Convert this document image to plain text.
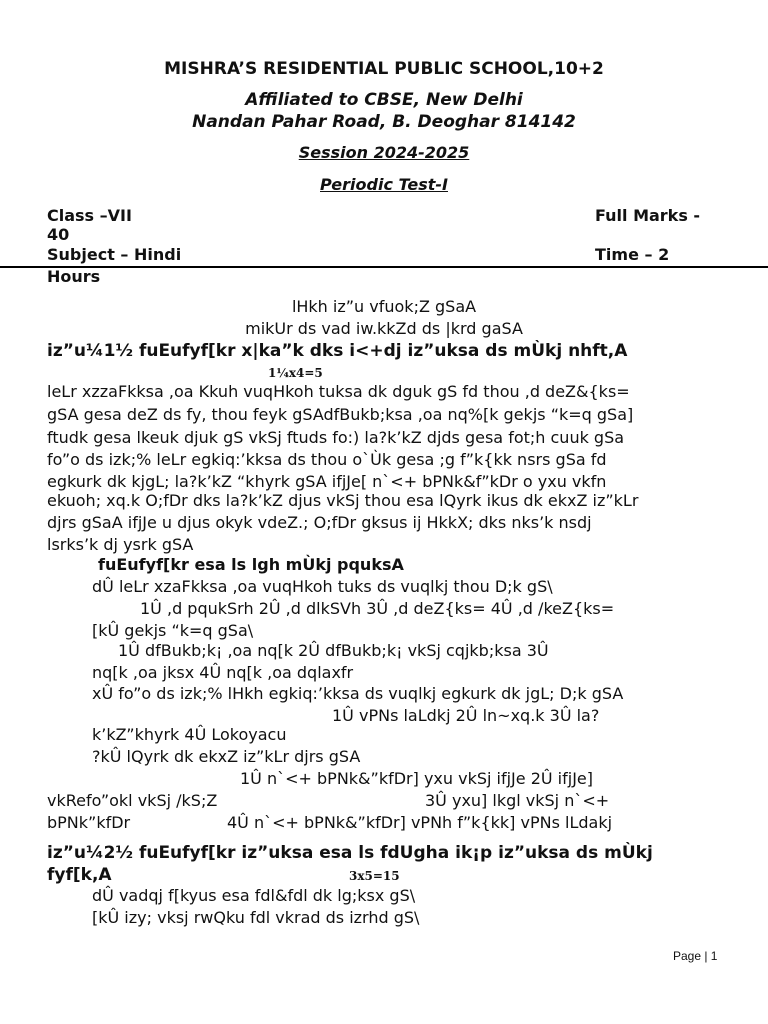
MISHRA’S RESIDENTIAL PUBLIC SCHOOL,10+2
Affiliated to CBSE, New Delhi
Nandan Pahar Road, B. Deoghar 814142
Session 2024-2025
Periodic Test-I
Class –VII	Full Marks -
40
Subject – Hindi	Time – 2
Hours
lHkh iz”u vfuok;Z gSaA
mikUr ds vad iw.kkZd ds |krd gaSA
iz”u¼1½ fuEufyf[kr x|ka”k dks i<+dj iz”uksa ds mÙkj nhft,A
1¼x4=5
leLr xzzaFkksa ,oa Kkuh vuqHkoh tuksa dk dguk gS fd thou ,d deZ&{ks=
gSA gesa deZ ds fy, thou feyk gSAdfBukb;ksa ,oa nq%[k gekjs “k=q gSa]
ftudk gesa lkeuk djuk gS vkSj ftuds fo:) la?k’kZ djds gesa fot;h cuuk gSa
fo”o ds izk;% leLr egkiq:’kksa ds thou o`Ùk gesa ;g f”k{kk nsrs gSa fd
egkurk dk kjgL; la?k’kZ “khyrk gSA ifjJe[ n`<+ bPNk&f”kDr o yxu vkfn
ekuoh; xq.k O;fDr dks la?k’kZ djus vkSj thou esa lQyrk ikus dk ekxZ iz”kLr
djrs gSaA ifjJe u djus okyk vdeZ.; O;fDr gksus ij HkkX; dks nks’k nsdj
lsrks’k dj ysrk gSA
fuEufyf[kr esa ls lgh mÙkj pquksA
dÛ leLr xzaFkksa ,oa vuqHkoh tuks ds vuqlkj thou D;k gS\
1Û ,d pqukSrh 2Û ,d dlkSVh 3Û ,d deZ{ks= 4Û ,d /keZ{ks=
[kÛ gekjs “k=q gSa\
1Û dfBukb;k¡ ,oa nq[k 2Û dfBukb;k¡ vkSj cqjkb;ksa 3Û
nq[k ,oa jksx 4Û nq[k ,oa dqlaxfr
xÛ fo”o ds izk;% lHkh egkiq:’kksa ds vuqlkj egkurk dk jgL; D;k gSA
1Û vPNs laLdkj 2Û ln~xq.k 3Û la?
k’kZ”khyrk 4Û Lokoyacu
?kÛ lQyrk dk ekxZ iz”kLr djrs gSA
1Û n`<+ bPNk&”kfDr] yxu vkSj ifjJe 2Û ifjJe]
vkRefo”okl vkSj /kS;Z	3Û yxu] lkgl vkSj n`<+
bPNk”kfDr	4Û n`<+ bPNk&”kfDr] vPNh f”k{kk] vPNs lLdakj
iz”u¼2½ fuEufyf[kr iz”uksa esa ls fdUgha ik¡p iz”uksa ds mÙkj
fyf[k,A	3x5=15
dÛ vadqj f[kyus esa fdl&fdl dk lg;ksx gS\
[kÛ izy; vksj rwQku fdl vkrad ds izrhd gS\
Page | 1
